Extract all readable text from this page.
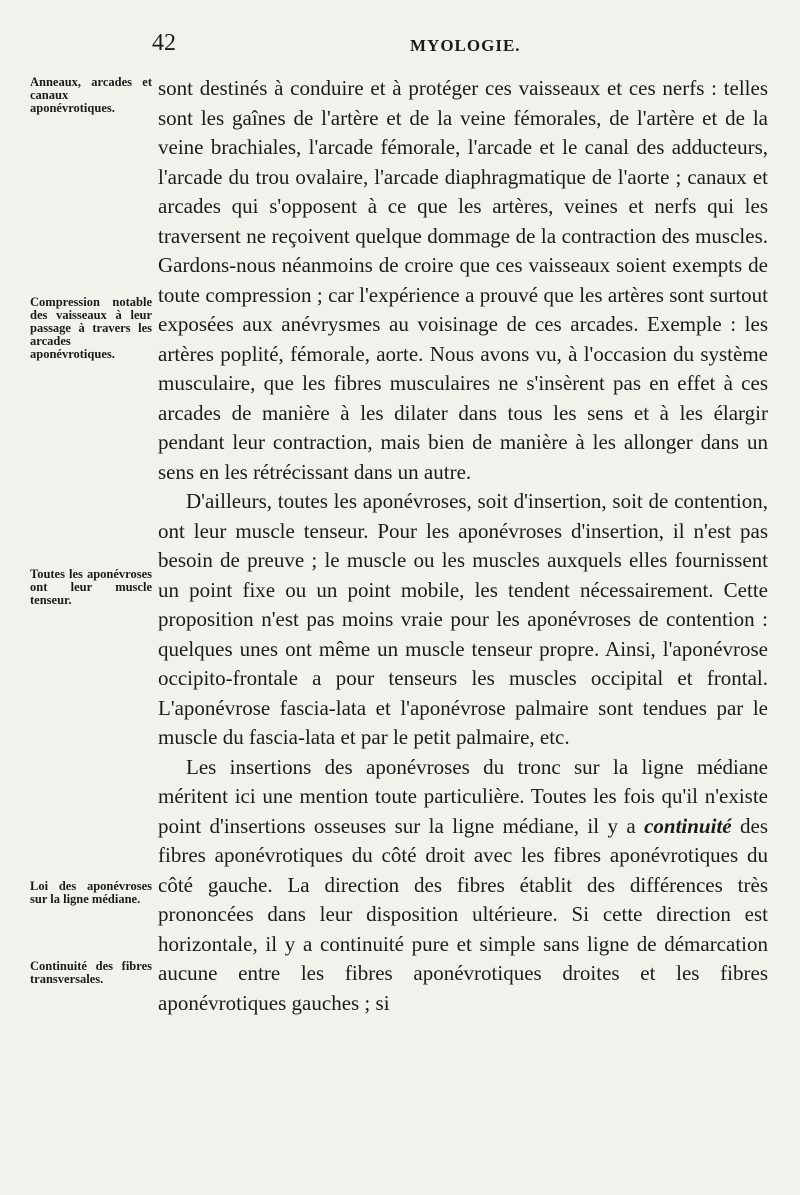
42	MYOLOGIE.
Anneaux, arcades et canaux aponévrotiques.
Compression notable des vaisseaux à leur passage à travers les arcades aponévrotiques.
Toutes les aponévroses ont leur muscle tenseur.
Loi des aponévroses sur la ligne médiane.
Continuité des fibres transversales.

sont destinés à conduire et à protéger ces vaisseaux et ces nerfs : telles sont les gaînes de l'artère et de la veine fémorales, de l'artère et de la veine brachiales, l'arcade fémorale, l'arcade et le canal des adducteurs, l'arcade du trou ovalaire, l'arcade diaphragmatique de l'aorte ; canaux et arcades qui s'opposent à ce que les artères, veines et nerfs qui les traversent ne reçoivent quelque dommage de la contraction des muscles. Gardons-nous néanmoins de croire que ces vaisseaux soient exempts de toute compression ; car l'expérience a prouvé que les artères sont surtout exposées aux anévrysmes au voisinage de ces arcades. Exemple : les artères poplité, fémorale, aorte. Nous avons vu, à l'occasion du système musculaire, que les fibres musculaires ne s'insèrent pas en effet à ces arcades de manière à les dilater dans tous les sens et à les élargir pendant leur contraction, mais bien de manière à les allonger dans un sens en les rétrécissant dans un autre.

D'ailleurs, toutes les aponévroses, soit d'insertion, soit de contention, ont leur muscle tenseur. Pour les aponévroses d'insertion, il n'est pas besoin de preuve ; le muscle ou les muscles auxquels elles fournissent un point fixe ou un point mobile, les tendent nécessairement. Cette proposition n'est pas moins vraie pour les aponévroses de contention : quelques unes ont même un muscle tenseur propre. Ainsi, l'aponévrose occipito-frontale a pour tenseurs les muscles occipital et frontal. L'aponévrose fascia-lata et l'aponévrose palmaire sont tendues par le muscle du fascia-lata et par le petit palmaire, etc.

Les insertions des aponévroses du tronc sur la ligne médiane méritent ici une mention toute particulière. Toutes les fois qu'il n'existe point d'insertions osseuses sur la ligne médiane, il y a continuité des fibres aponévrotiques du côté droit avec les fibres aponévrotiques du côté gauche. La direction des fibres établit des différences très prononcées dans leur disposition ultérieure. Si cette direction est horizontale, il y a continuité pure et simple sans ligne de démarcation aucune entre les fibres aponévrotiques droites et les fibres aponévrotiques gauches ; si
